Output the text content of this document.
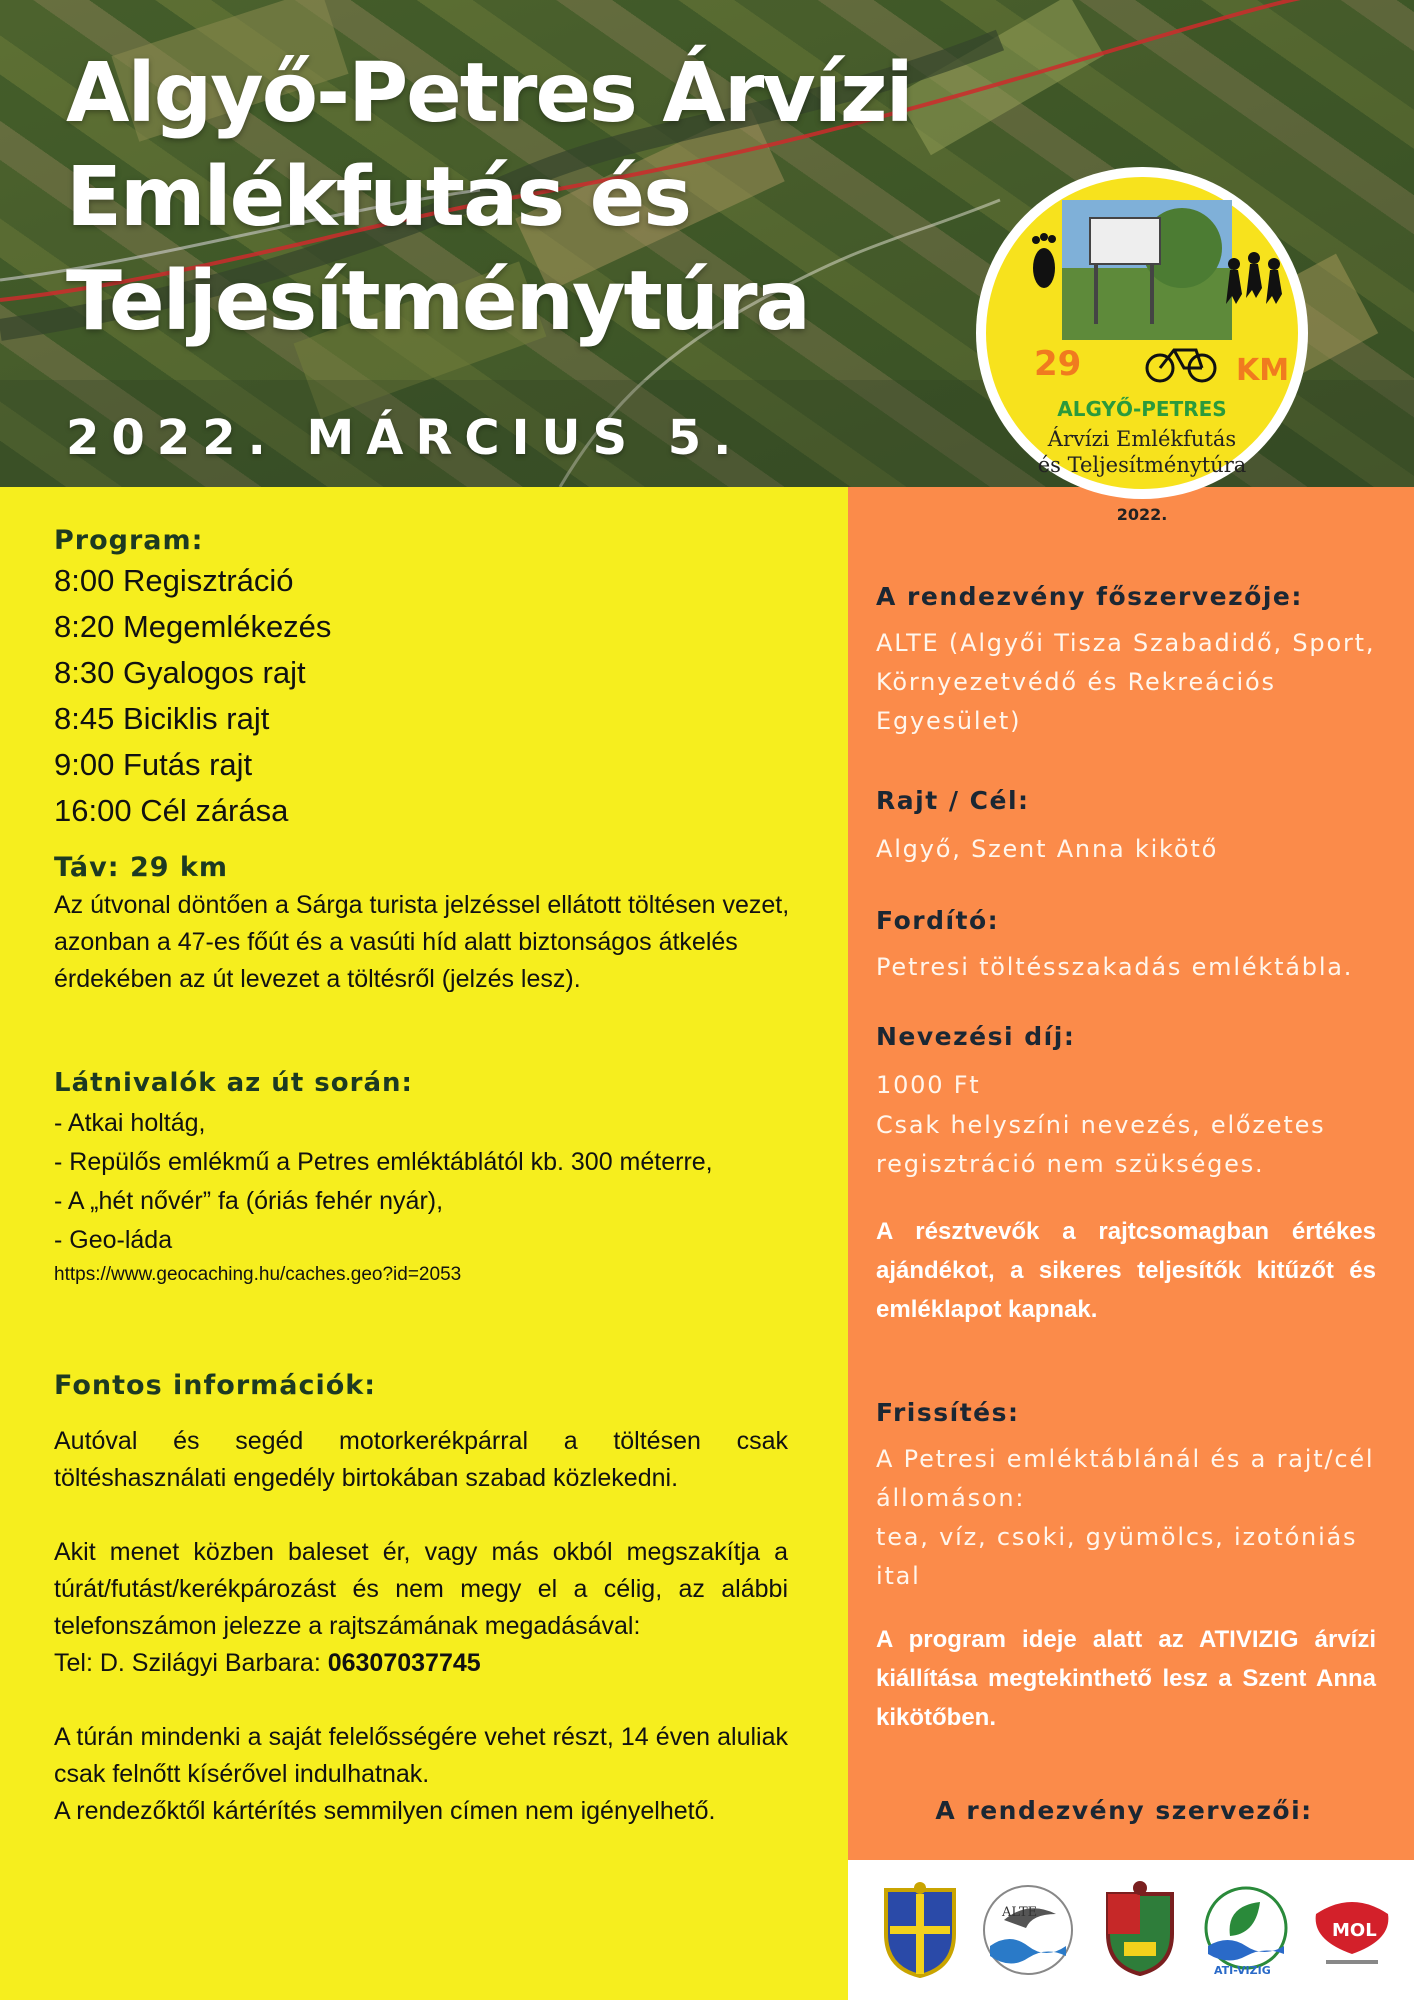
Algyő-Petres Árvízi
Emlékfutás és
Teljesítménytúra

2022. MÁRCIUS 5.

29	KM
ALGYŐ-PETRES
Árvízi Emlékfutás
és Teljesítménytúra
2022.
Program:
8:00 Regisztráció
8:20 Megemlékezés
8:30 Gyalogos rajt
8:45 Biciklis rajt
9:00 Futás rajt
16:00 Cél zárása
Táv: 29 km
Az útvonal döntően a Sárga turista jelzéssel ellátott töltésen vezet, azonban a 47-es főút és a vasúti híd alatt biztonságos átkelés érdekében az út levezet a töltésről (jelzés lesz).
Látnivalók az út során:
- Atkai holtág,
- Repülős emlékmű a Petres emléktáblától kb. 300 méterre,
- A „hét nővér” fa (óriás fehér nyár),
- Geo-láda
https://www.geocaching.hu/caches.geo?id=2053
Fontos információk:
Autóval és segéd motorkerékpárral a töltésen csak töltéshasználati engedély birtokában szabad közlekedni.
Akit menet közben baleset ér, vagy más okból megszakítja a túrát/futást/kerékpározást és nem megy el a célig, az alábbi telefonszámon jelezze a rajtszámának megadásával:
Tel: D. Szilágyi Barbara: 06307037745
A túrán mindenki a saját felelősségére vehet részt, 14 éven aluliak csak felnőtt kísérővel indulhatnak.
A rendezőktől kártérítés semmilyen címen nem igényelhető.
A rendezvény főszervezője:
ALTE (Algyői Tisza Szabadidő, Sport, Környezetvédő és Rekreációs Egyesület)
Rajt / Cél:
Algyő, Szent Anna kikötő
Fordító:
Petresi töltésszakadás emléktábla.
Nevezési díj:
1000 Ft
Csak helyszíni nevezés, előzetes regisztráció nem szükséges.
A résztvevők a rajtcsomagban értékes ajándékot, a sikeres teljesítők kitűzőt és emléklapot kapnak.
Frissítés:
A Petresi emléktáblánál és a rajt/cél állomáson:
tea, víz, csoki, gyümölcs, izotóniás ital
A program ideje alatt az ATIVIZIG árvízi kiállítása megtekinthető lesz a Szent Anna kikötőben.
A rendezvény szervezői:
ALTE
ATI-VIZIG
MOL
